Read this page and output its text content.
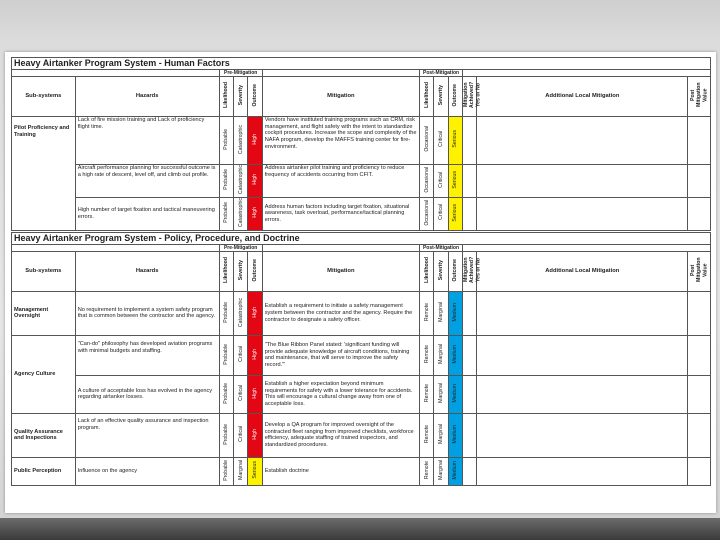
Heavy Airtanker Program System - Human Factors											
		Pre-Mitigation				Post-Mitigation					
Sub-systems	Hazards	Likelihood	Severity	Outcome	Mitigation	Likelihood	Severity	Outcome	Mitigation Achieved? Yes or No	Additional Local Mitigation	Post Mitigation Value
Pilot Proficiency and Training	Lack of fire mission training and Lack of proficiency flight time.	Probable	Catastrophic	High	Vendors have instituted training programs such as CRM, risk management, and flight safety with the intent to standardize cockpit procedures. Increase the scope and complexity of the NAFA program, develop the MAFFS training center for fire-environment.	Occasional	Critical	Serious			
	Aircraft performance planning for successful outcome is a high rate of descent, level off, and climb out profile.	Probable	Catastrophic	High	Address airtanker pilot training and proficiency to reduce frequency of accidents occurring from CFIT.	Occasional	Critical	Serious			
	High number of target fixation and tactical maneuvering errors.	Probable	Catastrophic	High	Address human factors including target fixation, situational awareness, task overload, performance/tactical planning errors.	Occasional	Critical	Serious			
Heavy Airtanker Program System - Policy, Procedure, and Doctrine											
		Pre-Mitigation				Post-Mitigation					
Sub-systems	Hazards	Likelihood	Severity	Outcome	Mitigation	Likelihood	Severity	Outcome	Mitigation Achieved? Yes or No	Additional Local Mitigation	Post Mitigation Value
Management Oversight	No requirement to implement a system safety program that is common between the contractor and the agency.	Probable	Catastrophic	High	Establish a requirement to initiate a safety management system between the contractor and the agency. Require the contractor to designate a safety officer.	Remote	Marginal	Medium			
Agency Culture	"Can-do" philosophy has developed aviation programs with minimal budgets and staffing.	Probable	Critical	High	"The Blue Ribbon Panel stated: 'significant funding will provide adequate knowledge of aircraft conditions, training and maintenance, that will serve to improve the safety record.'"	Remote	Marginal	Medium			
	A culture of acceptable loss has evolved in the agency regarding airtanker losses.	Probable	Critical	High	Establish a higher expectation beyond minimum requirements for safety with a lower tolerance for accidents. This will encourage a cultural change away from one of acceptable loss.	Remote	Marginal	Medium			
Quality Assurance and Inspections	Lack of an effective quality assurance and inspection program.	Probable	Critical	High	Develop a QA program for improved oversight of the contracted fleet ranging from improved checklists, workforce efficiency, adequate staffing of trained inspectors, and standardized procedures.	Remote	Marginal	Medium			
Public Perception	Influence on the agency	Probable	Marginal	Serious	Establish doctrine	Remote	Marginal	Medium			
